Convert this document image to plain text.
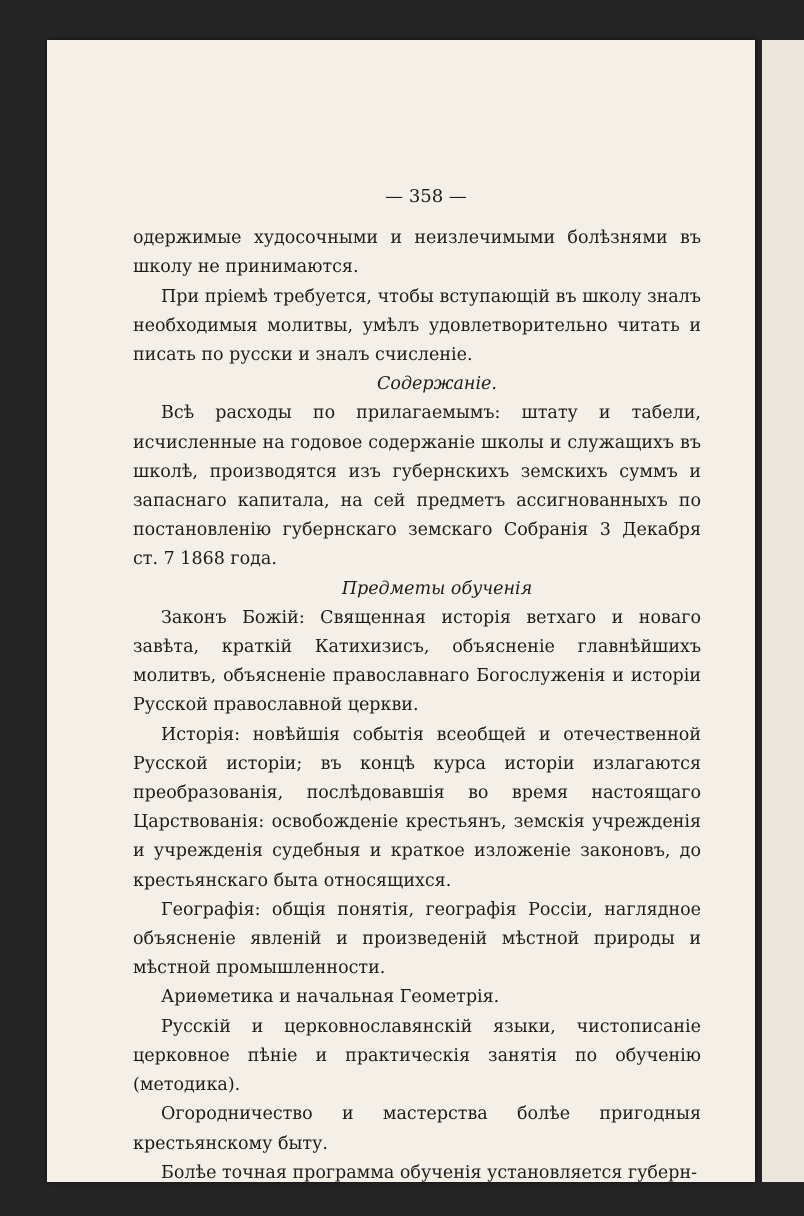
— 358 —

одержимые худосочными и неизлечимыми болѣзнями въ школу не принимаются.

При пріемѣ требуется, чтобы вступающій въ школу зналъ необходимыя молитвы, умѣлъ удовлетворительно читать и писать по русски и зналъ счисленіе.

Содержаніе.

Всѣ расходы по прилагаемымъ: штату и табели, исчисленные на годовое содержаніе школы и служащихъ въ школѣ, производятся изъ губернскихъ земскихъ суммъ и запаснаго капитала, на сей предметъ ассигнованныхъ по постановленію губернскаго земскаго Собранія 3 Декабря ст. 7 1868 года.

Предметы обученія

Законъ Божій: Священная исторія ветхаго и новаго завѣта, краткій Катихизисъ, объясненіе главнѣйшихъ молитвъ, объясненіе православнаго Богослуженія и исторіи Русской православной церкви.

Исторія: новѣйшія событія всеобщей и отечественной Русской исторіи; въ концѣ курса исторіи излагаются преобразованія, послѣдовавшія во время настоящаго Царствованія: освобожденіе крестьянъ, земскія учрежденія и учрежденія судебныя и краткое изложеніе законовъ, до крестьянскаго быта относящихся.

Географія: общія понятія, географія Россіи, наглядное объясненіе явленій и произведеній мѣстной природы и мѣстной промышленности.

Ариѳметика и начальная Геометрія.

Русскій и церковнославянскій языки, чистописаніе церковное пѣніе и практическія занятія по обученію (методика).

Огородничество и мастерства болѣе пригодныя крестьянскому быту.

Болѣе точная программа обученія установляется губерн-
